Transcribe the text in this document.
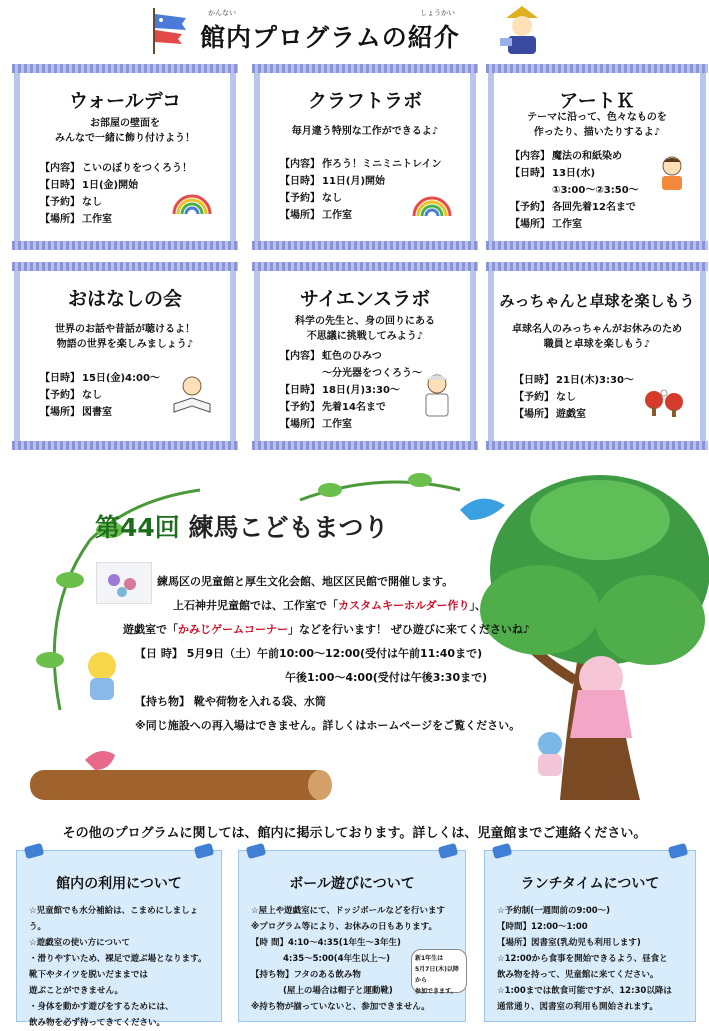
かんない	しょうかい
館内プログラムの紹介
ウォールデコ
お部屋の壁面を
みんなで一緒に飾り付けよう！
【内容】 こいのぼりをつくろう！
【日時】 1日(金)開始
【予約】 なし
【場所】 工作室
クラフトラボ
毎月違う特別な工作ができるよ♪
【内容】 作ろう！ミニミニトレイン
【日時】 11日(月)開始
【予約】 なし
【場所】 工作室
アートＫ
テーマに沿って、色々なものを
作ったり、描いたりするよ♪
【内容】 魔法の和紙染め
【日時】 13日(水)
①3:00～②3:50～
【予約】 各回先着12名まで
【場所】 工作室
おはなしの会
世界のお話や昔話が聴けるよ！
物語の世界を楽しみましょう♪
【日時】 15日(金)4:00～
【予約】 なし
【場所】 図書室
サイエンスラボ
科学の先生と、身の回りにある
不思議に挑戦してみよう♪
【内容】 虹色のひみつ
～分光器をつくろう～
【日時】 18日(月)3:30～
【予約】 先着14名まで
【場所】 工作室
みっちゃんと卓球を楽しもう
卓球名人のみっちゃんがお休みのため
職員と卓球を楽しもう♪
【日時】 21日(木)3:30～
【予約】 なし
【場所】 遊戯室
第44回 練馬こどもまつり
練馬区の児童館と厚生文化会館、地区区民館で開催します。
上石神井児童館では、工作室で「カスタムキーホルダー作り」、
遊戯室で「かみじゲームコーナー」などを行います！ ぜひ遊びに来てくださいね♪
【日 時】 5月9日（土）午前10:00～12:00(受付は午前11:40まで)
午後1:00～4:00(受付は午後3:30まで)
【持ち物】 靴や荷物を入れる袋、水筒
※同じ施設への再入場はできません。詳しくはホームページをご覧ください。
その他のプログラムに関しては、館内に掲示しております。詳しくは、児童館までご連絡ください。
館内の利用について
☆児童館でも水分補給は、こまめにしましょう。
☆遊戯室の使い方について
・滑りやすいため、裸足で遊ぶ場となります。
靴下やタイツを脱いだままでは
遊ぶことができません。
・身体を動かす遊びをするためには、
飲み物を必ず持ってきてください。
ボール遊びについて
☆屋上や遊戯室にて、ドッジボールなどを行います
※プログラム等により、お休みの日もあります。
【時 間】4:10～4:35(1年生～3年生)
4:35～5:00(4年生以上～)
【持ち物】フタのある飲み物
(屋上の場合は帽子と運動靴)
※持ち物が揃っていないと、参加できません。
新1年生は
5月7日(木)以降から
参加できます。
ランチタイムについて
☆予約制(一週間前の9:00～)
【時間】12:00～1:00
【場所】図書室(乳幼児も利用します)
☆12:00から食事を開始できるよう、昼食と
飲み物を持って、児童館に来てください。
☆1:00までは飲食可能ですが、12:30以降は
通常通り、図書室の利用も開始されます。
